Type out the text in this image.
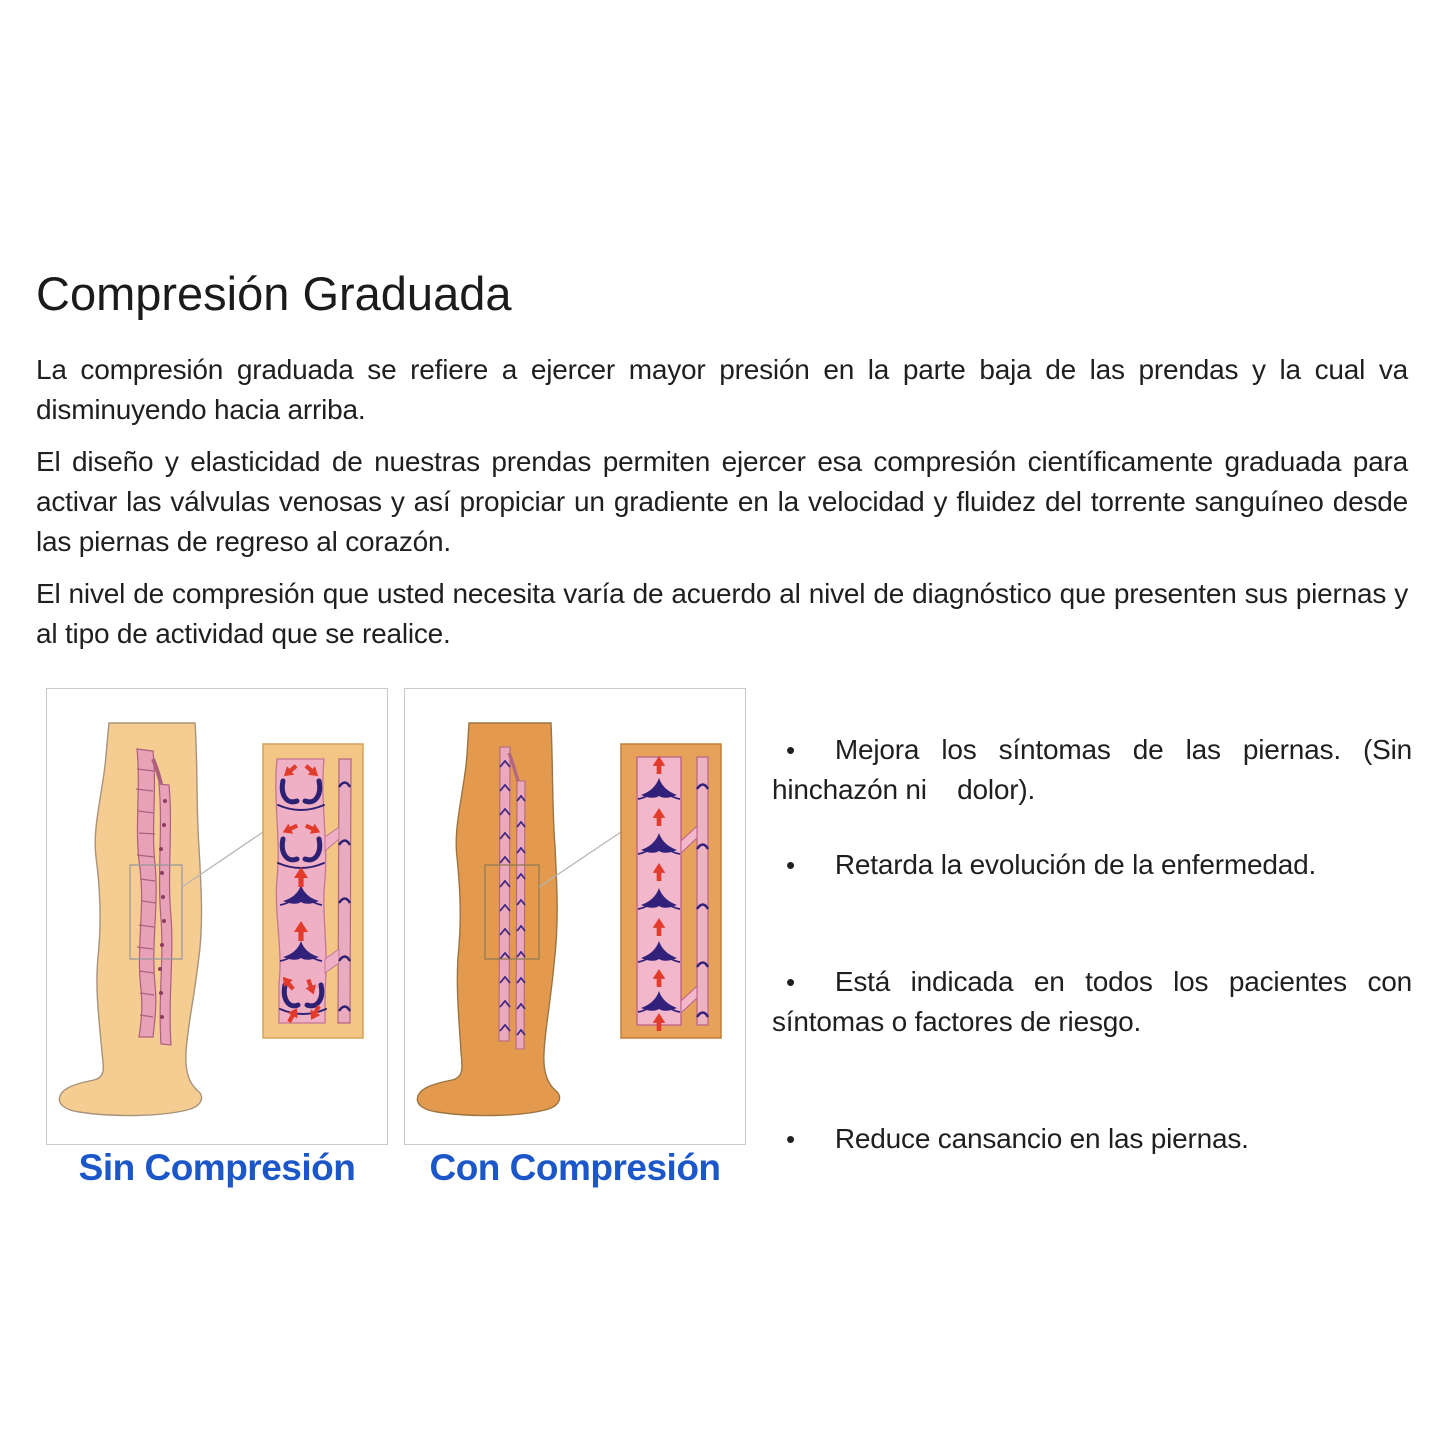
Compresión Graduada

La compresión graduada se refiere a ejercer mayor presión en la parte baja de las prendas y la cual va disminuyendo hacia arriba.

El diseño y elasticidad de nuestras prendas permiten ejercer esa compresión científicamente graduada para activar las válvulas venosas y así propiciar un gradiente en la velocidad y fluidez del torrente sanguíneo desde las piernas de regreso al corazón.

El nivel de compresión que usted necesita varía de acuerdo al nivel de diagnóstico que presenten sus piernas y al tipo de actividad que se realice.

Sin Compresión	Con Compresión
• Mejora los síntomas de las piernas. (Sin hinchazón ni    dolor).
• Retarda la evolución de la enfermedad.
• Está indicada en todos los pacientes con síntomas o factores de riesgo.
• Reduce cansancio en las piernas.
